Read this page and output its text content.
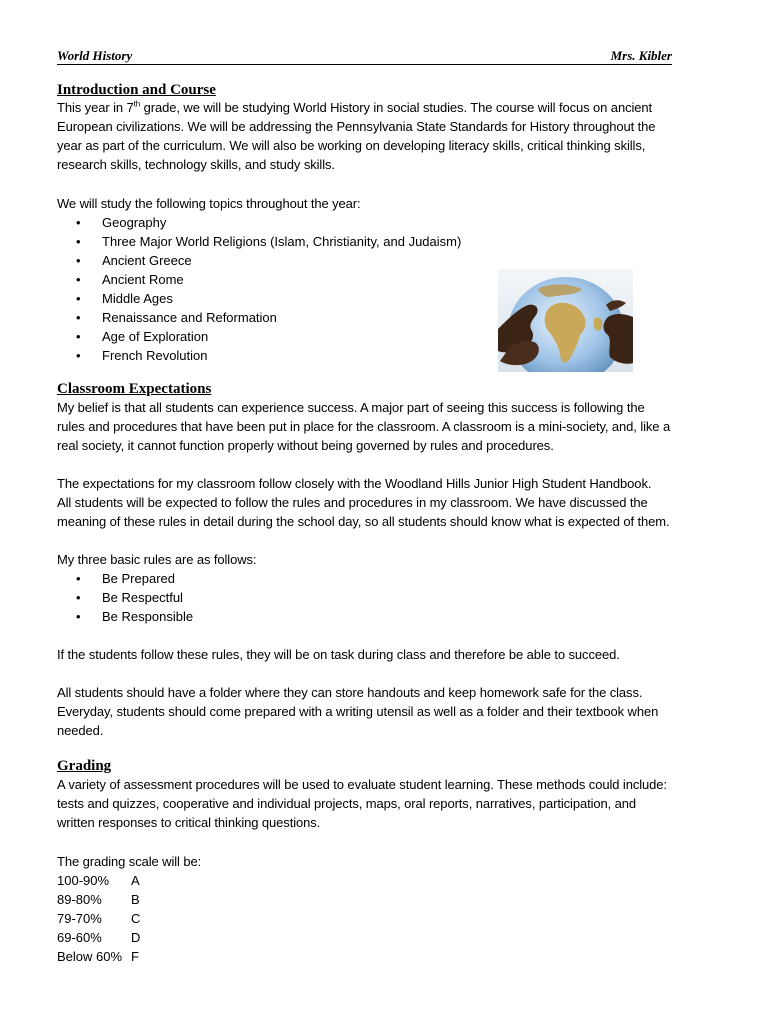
World History	Mrs. Kibler
Introduction and Course
This year in 7th grade, we will be studying World History in social studies. The course will focus on ancient
European civilizations. We will be addressing the Pennsylvania State Standards for History throughout the
year as part of the curriculum. We will also be working on developing literacy skills, critical thinking skills,
research skills, technology skills, and study skills.
We will study the following topics throughout the year:
• Geography
• Three Major World Religions (Islam, Christianity, and Judaism)
• Ancient Greece
• Ancient Rome
• Middle Ages
• Renaissance and Reformation
• Age of Exploration
• French Revolution
Classroom Expectations
My belief is that all students can experience success. A major part of seeing this success is following the
rules and procedures that have been put in place for the classroom. A classroom is a mini-society, and, like a
real society, it cannot function properly without being governed by rules and procedures.
The expectations for my classroom follow closely with the Woodland Hills Junior High Student Handbook.
All students will be expected to follow the rules and procedures in my classroom. We have discussed the
meaning of these rules in detail during the school day, so all students should know what is expected of them.
My three basic rules are as follows:
• Be Prepared
• Be Respectful
• Be Responsible
If the students follow these rules, they will be on task during class and therefore be able to succeed.
All students should have a folder where they can store handouts and keep homework safe for the class.
Everyday, students should come prepared with a writing utensil as well as a folder and their textbook when
needed.
Grading
A variety of assessment procedures will be used to evaluate student learning. These methods could include:
tests and quizzes, cooperative and individual projects, maps, oral reports, narratives, participation, and
written responses to critical thinking questions.
The grading scale will be:
100-90% A
89-80% B
79-70% C
69-60% D
Below 60% F
